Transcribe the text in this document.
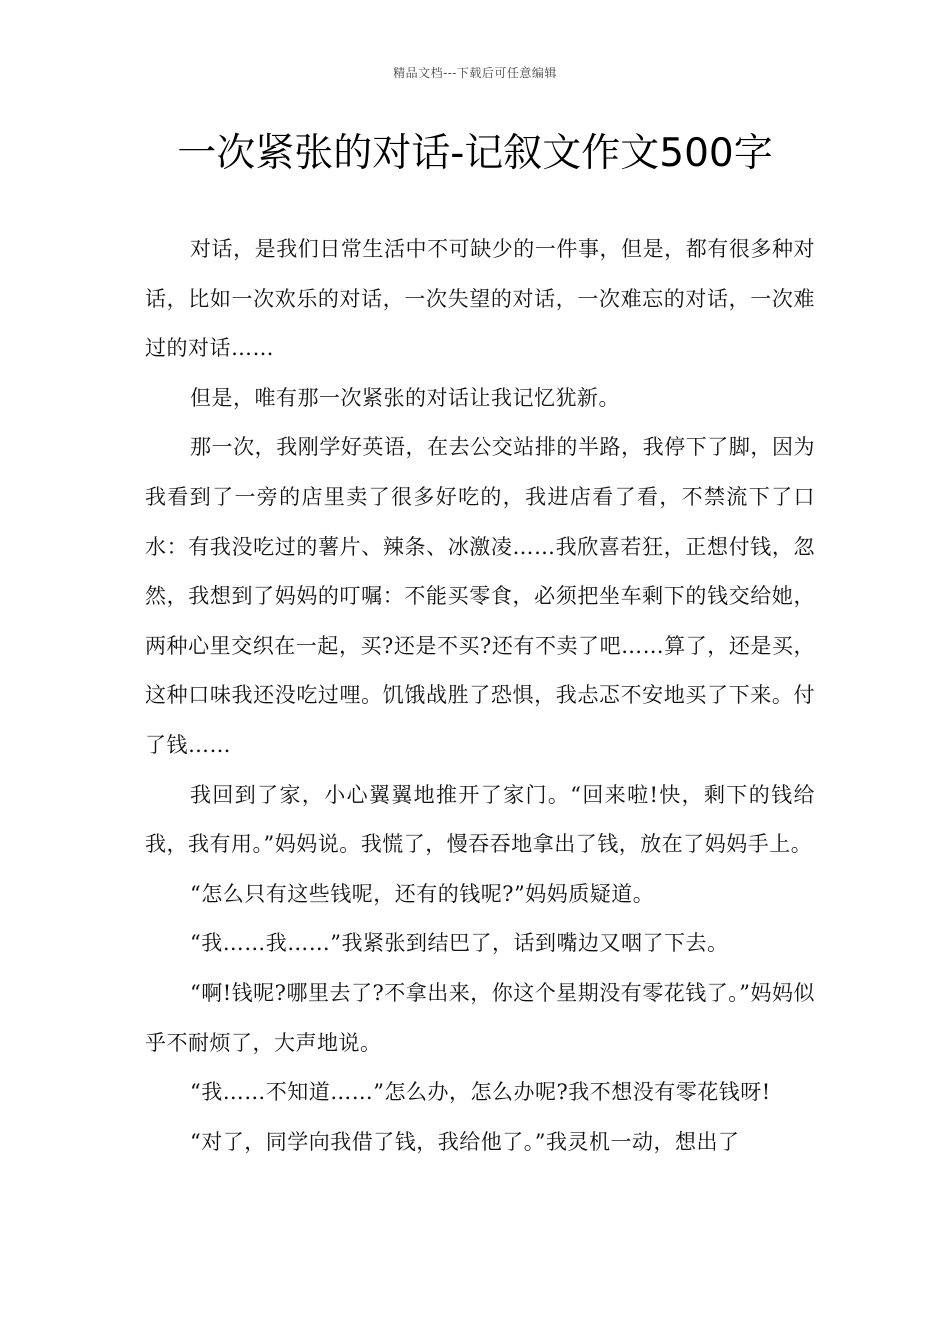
精品文档---下载后可任意编辑
一次紧张的对话-记叙文作文500字

对话，是我们日常生活中不可缺少的一件事，但是，都有很多种对话，比如一次欢乐的对话，一次失望的对话，一次难忘的对话，一次难过的对话……

但是，唯有那一次紧张的对话让我记忆犹新。

那一次，我刚学好英语，在去公交站排的半路，我停下了脚，因为我看到了一旁的店里卖了很多好吃的，我进店看了看，不禁流下了口水：有我没吃过的薯片、辣条、冰激凌……我欣喜若狂，正想付钱，忽然，我想到了妈妈的叮嘱：不能买零食，必须把坐车剩下的钱交给她，两种心里交织在一起，买?还是不买?还有不卖了吧……算了，还是买，这种口味我还没吃过哩。饥饿战胜了恐惧，我忐忑不安地买了下来。付了钱……

我回到了家，小心翼翼地推开了家门。“回来啦!快，剩下的钱给我，我有用。”妈妈说。我慌了，慢吞吞地拿出了钱，放在了妈妈手上。

“怎么只有这些钱呢，还有的钱呢?”妈妈质疑道。

“我……我……”我紧张到结巴了，话到嘴边又咽了下去。

“啊!钱呢?哪里去了?不拿出来，你这个星期没有零花钱了。”妈妈似乎不耐烦了，大声地说。

“我……不知道……”怎么办，怎么办呢?我不想没有零花钱呀!

“对了，同学向我借了钱，我给他了。”我灵机一动，想出了
